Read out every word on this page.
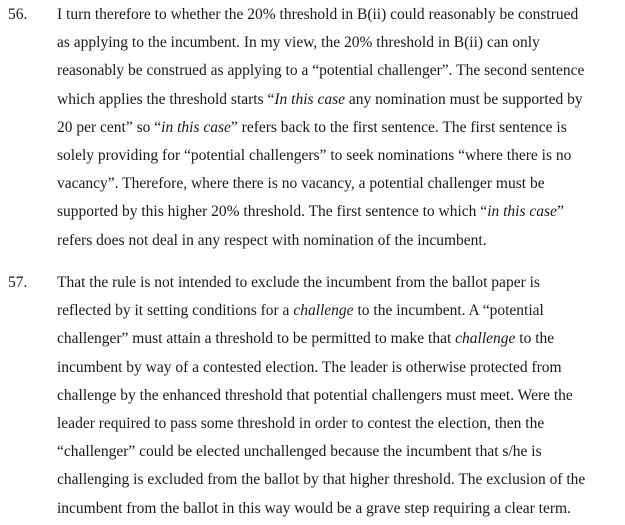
56. I turn therefore to whether the 20% threshold in B(ii) could reasonably be construed
as applying to the incumbent. In my view, the 20% threshold in B(ii) can only
reasonably be construed as applying to a “potential challenger”. The second sentence
which applies the threshold starts “In this case any nomination must be supported by
20 per cent” so “in this case” refers back to the first sentence. The first sentence is
solely providing for “potential challengers” to seek nominations “where there is no
vacancy”. Therefore, where there is no vacancy, a potential challenger must be
supported by this higher 20% threshold. The first sentence to which “in this case”
refers does not deal in any respect with nomination of the incumbent.
57. That the rule is not intended to exclude the incumbent from the ballot paper is
reflected by it setting conditions for a challenge to the incumbent. A “potential
challenger” must attain a threshold to be permitted to make that challenge to the
incumbent by way of a contested election. The leader is otherwise protected from
challenge by the enhanced threshold that potential challengers must meet. Were the
leader required to pass some threshold in order to contest the election, then the
“challenger” could be elected unchallenged because the incumbent that s/he is
challenging is excluded from the ballot by that higher threshold. The exclusion of the
incumbent from the ballot in this way would be a grave step requiring a clear term.
